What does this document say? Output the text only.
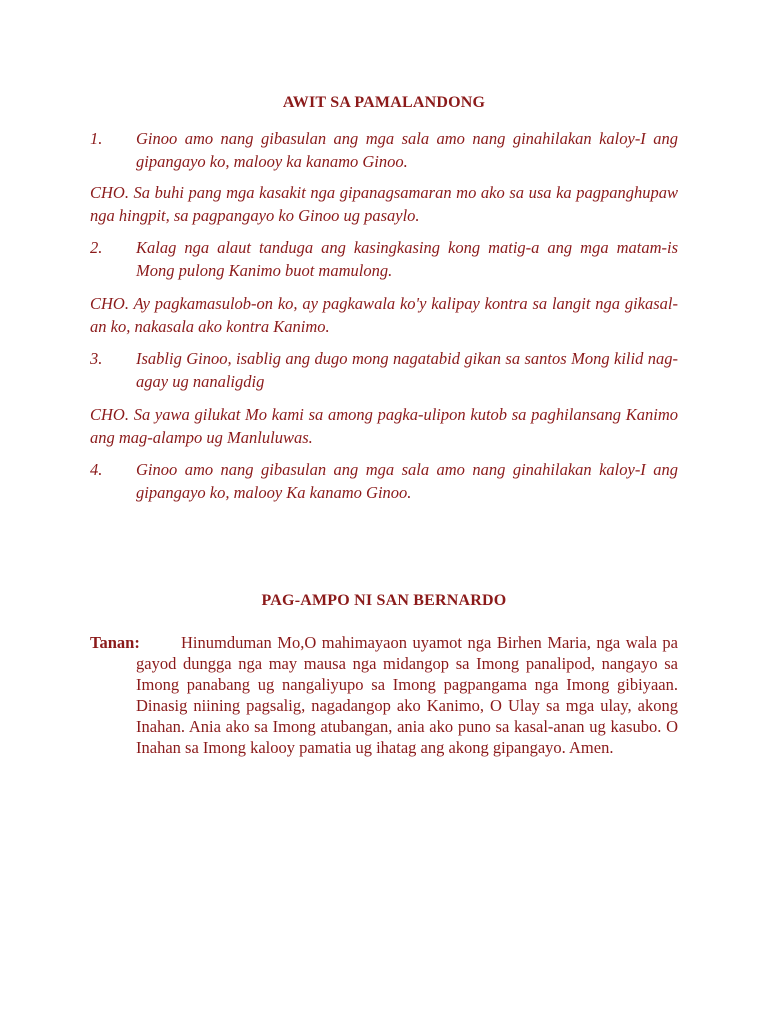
AWIT SA PAMALANDONG
1.	Ginoo amo nang gibasulan ang mga sala amo nang ginahilakan kaloy-I ang gipangayo ko, malooy ka kanamo Ginoo.
CHO. Sa buhi pang mga kasakit nga gipanagsamaran mo ako sa usa ka pagpanghupaw nga hingpit, sa pagpangayo ko Ginoo ug pasaylo.
2.	Kalag nga alaut tanduga ang kasingkasing kong matig-a ang mga matam-is Mong pulong Kanimo buot mamulong.
CHO. Ay pagkamasulob-on ko, ay pagkawala ko'y kalipay kontra sa langit nga gikasal-an ko, nakasala ako kontra Kanimo.
3.	Isablig Ginoo, isablig ang dugo mong nagatabid gikan sa santos Mong kilid nag-agay ug nanaligdig
CHO. Sa yawa gilukat Mo kami sa among pagka-ulipon kutob sa paghilansang Kanimo ang mag-alampo ug Manluluwas.
4.	Ginoo amo nang gibasulan ang mga sala amo nang ginahilakan kaloy-I ang gipangayo ko, malooy Ka kanamo Ginoo.
PAG-AMPO NI SAN BERNARDO
Tanan:	Hinumduman Mo,O mahimayaon uyamot nga Birhen Maria, nga wala pa gayod dungga nga may mausa nga midangop sa Imong panalipod, nangayo sa Imong panabang ug nangaliyupo sa Imong pagpangama nga Imong gibiyaan. Dinasig niining pagsalig, nagadangop ako Kanimo, O Ulay sa mga ulay, akong Inahan. Ania ako sa Imong atubangan, ania ako puno sa kasal-anan ug kasubo. O Inahan sa Imong kalooy pamatia ug ihatag ang akong gipangayo. Amen.
